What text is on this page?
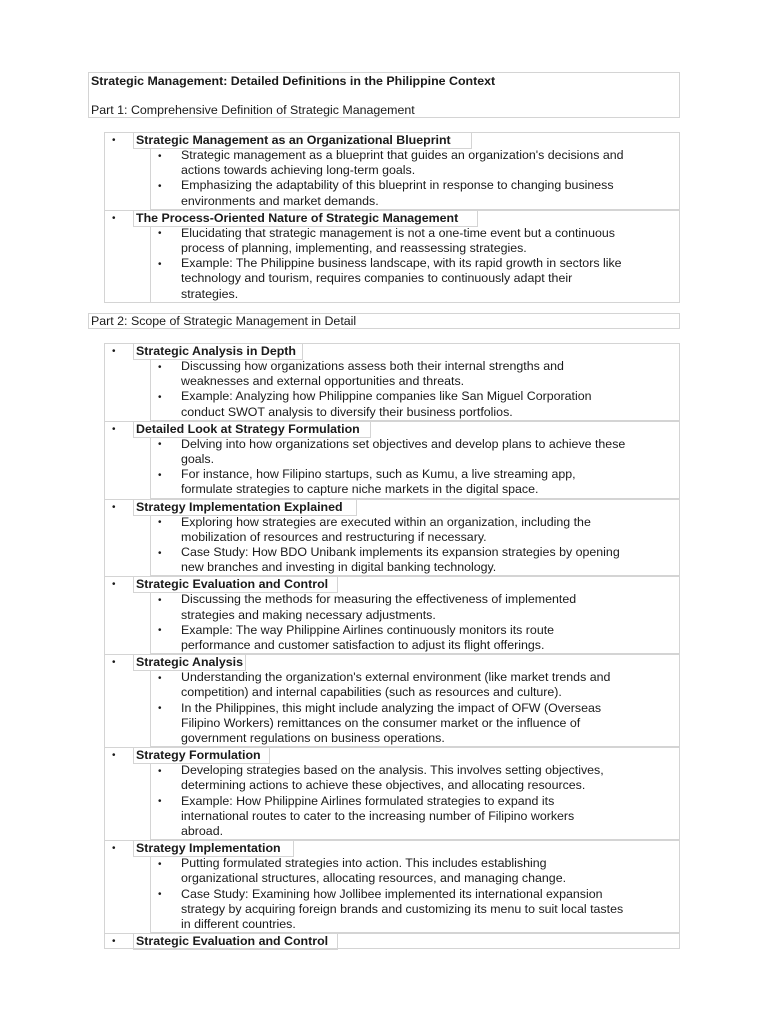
Strategic Management: Detailed Definitions in the Philippine Context
Part 1: Comprehensive Definition of Strategic Management
Part 2: Scope of Strategic Management in Detail
• Strategic Management as an Organizational Blueprint
• Strategic management as a blueprint that guides an organization's decisions and
actions towards achieving long-term goals.
• Emphasizing the adaptability of this blueprint in response to changing business
environments and market demands.
• The Process-Oriented Nature of Strategic Management
• Elucidating that strategic management is not a one-time event but a continuous
process of planning, implementing, and reassessing strategies.
• Example: The Philippine business landscape, with its rapid growth in sectors like
technology and tourism, requires companies to continuously adapt their
strategies.
• Strategic Analysis in Depth
• Discussing how organizations assess both their internal strengths and
weaknesses and external opportunities and threats.
• Example: Analyzing how Philippine companies like San Miguel Corporation
conduct SWOT analysis to diversify their business portfolios.
• Detailed Look at Strategy Formulation
• Delving into how organizations set objectives and develop plans to achieve these
goals.
• For instance, how Filipino startups, such as Kumu, a live streaming app,
formulate strategies to capture niche markets in the digital space.
• Strategy Implementation Explained
• Exploring how strategies are executed within an organization, including the
mobilization of resources and restructuring if necessary.
• Case Study: How BDO Unibank implements its expansion strategies by opening
new branches and investing in digital banking technology.
• Strategic Evaluation and Control
• Discussing the methods for measuring the effectiveness of implemented
strategies and making necessary adjustments.
• Example: The way Philippine Airlines continuously monitors its route
performance and customer satisfaction to adjust its flight offerings.
• Strategic Analysis
• Understanding the organization's external environment (like market trends and
competition) and internal capabilities (such as resources and culture).
• In the Philippines, this might include analyzing the impact of OFW (Overseas
Filipino Workers) remittances on the consumer market or the influence of
government regulations on business operations.
• Strategy Formulation
• Developing strategies based on the analysis. This involves setting objectives,
determining actions to achieve these objectives, and allocating resources.
• Example: How Philippine Airlines formulated strategies to expand its
international routes to cater to the increasing number of Filipino workers
abroad.
• Strategy Implementation
• Putting formulated strategies into action. This includes establishing
organizational structures, allocating resources, and managing change.
• Case Study: Examining how Jollibee implemented its international expansion
strategy by acquiring foreign brands and customizing its menu to suit local tastes
in different countries.
• Strategic Evaluation and Control
